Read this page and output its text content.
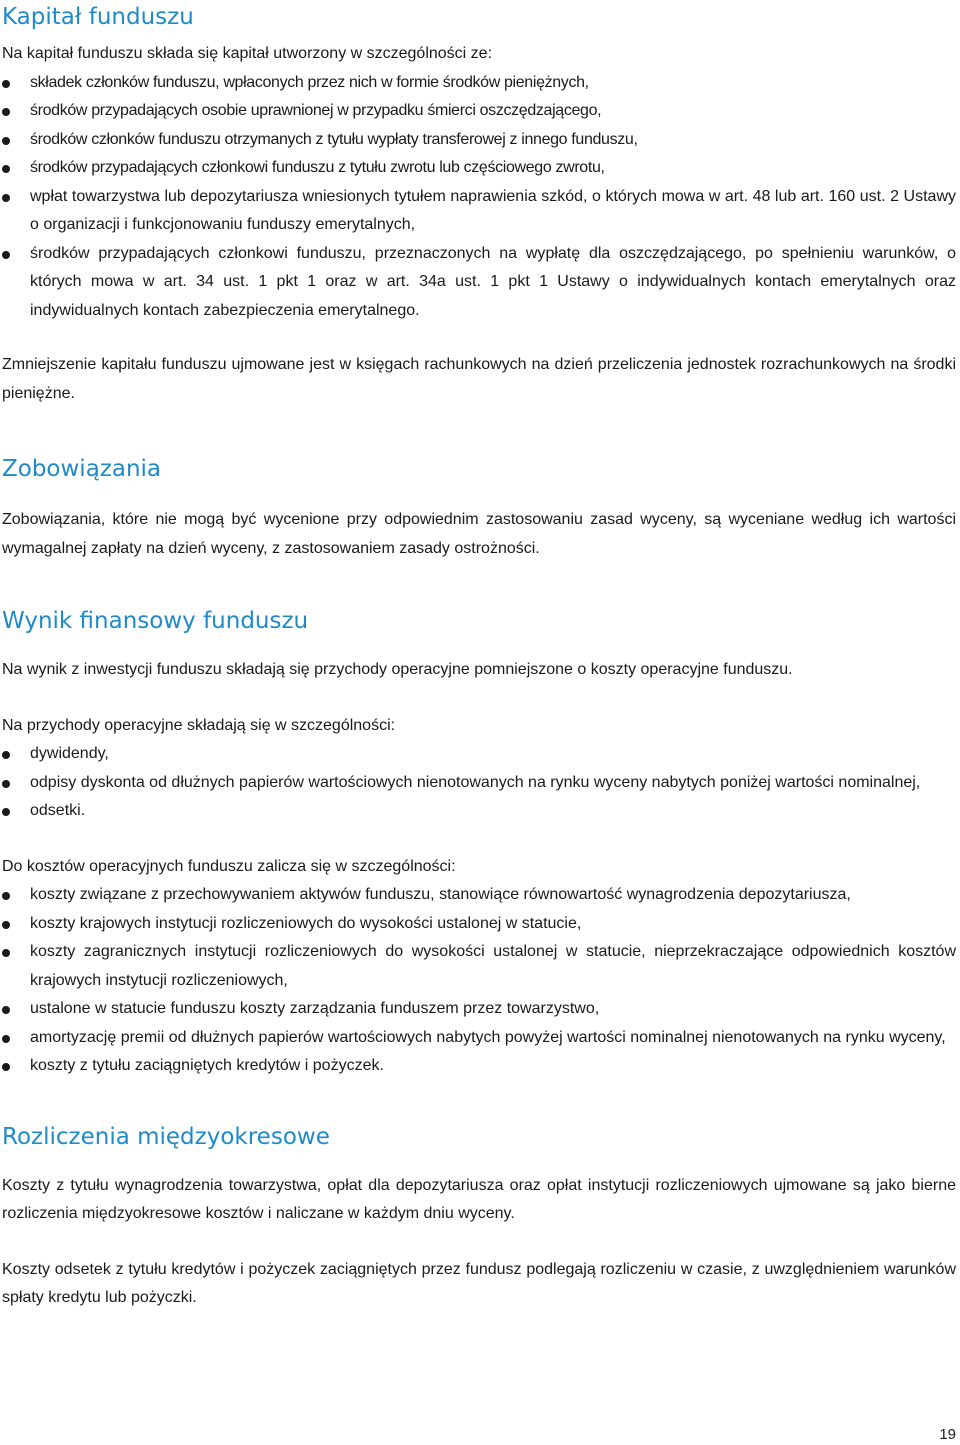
Kapitał funduszu

Na kapitał funduszu składa się kapitał utworzony w szczególności ze:

składek członków funduszu, wpłaconych przez nich w formie środków pieniężnych,
środków przypadających osobie uprawnionej w przypadku śmierci oszczędzającego,
środków członków funduszu otrzymanych z tytułu wypłaty transferowej z innego funduszu,
środków przypadających członkowi funduszu z tytułu zwrotu lub częściowego zwrotu,
wpłat towarzystwa lub depozytariusza wniesionych tytułem naprawienia szkód, o których mowa w art. 48 lub art. 160 ust. 2 Ustawy o organizacji i funkcjonowaniu funduszy emerytalnych,
środków przypadających członkowi funduszu, przeznaczonych na wypłatę dla oszczędzającego, po spełnieniu warunków, o których mowa w art. 34 ust. 1 pkt 1 oraz w art. 34a ust. 1 pkt 1 Ustawy o indywidualnych kontach emerytalnych oraz indywidualnych kontach zabezpieczenia emerytalnego.

Zmniejszenie kapitału funduszu ujmowane jest w księgach rachunkowych na dzień przeliczenia jednostek rozrachunkowych na środki pieniężne.

Zobowiązania

Zobowiązania, które nie mogą być wycenione przy odpowiednim zastosowaniu zasad wyceny, są wyceniane według ich wartości wymagalnej zapłaty na dzień wyceny, z zastosowaniem zasady ostrożności.

Wynik finansowy funduszu

Na wynik z inwestycji funduszu składają się przychody operacyjne pomniejszone o koszty operacyjne funduszu.

Na przychody operacyjne składają się w szczególności:

dywidendy,
odpisy dyskonta od dłużnych papierów wartościowych nienotowanych na rynku wyceny nabytych poniżej wartości nominalnej,
odsetki.

Do kosztów operacyjnych funduszu zalicza się w szczególności:

koszty związane z przechowywaniem aktywów funduszu, stanowiące równowartość wynagrodzenia depozytariusza,
koszty krajowych instytucji rozliczeniowych do wysokości ustalonej w statucie,
koszty zagranicznych instytucji rozliczeniowych do wysokości ustalonej w statucie, nieprzekraczające odpowiednich kosztów krajowych instytucji rozliczeniowych,
ustalone w statucie funduszu koszty zarządzania funduszem przez towarzystwo,
amortyzację premii od dłużnych papierów wartościowych nabytych powyżej wartości nominalnej nienotowanych na rynku wyceny,
koszty z tytułu zaciągniętych kredytów i pożyczek.
Rozliczenia międzyokresowe

Koszty z tytułu wynagrodzenia towarzystwa, opłat dla depozytariusza oraz opłat instytucji rozliczeniowych ujmowane są jako bierne rozliczenia międzyokresowe kosztów i naliczane w każdym dniu wyceny.

Koszty odsetek z tytułu kredytów i pożyczek zaciągniętych przez fundusz podlegają rozliczeniu w czasie, z uwzględnieniem warunków spłaty kredytu lub pożyczki.

19
